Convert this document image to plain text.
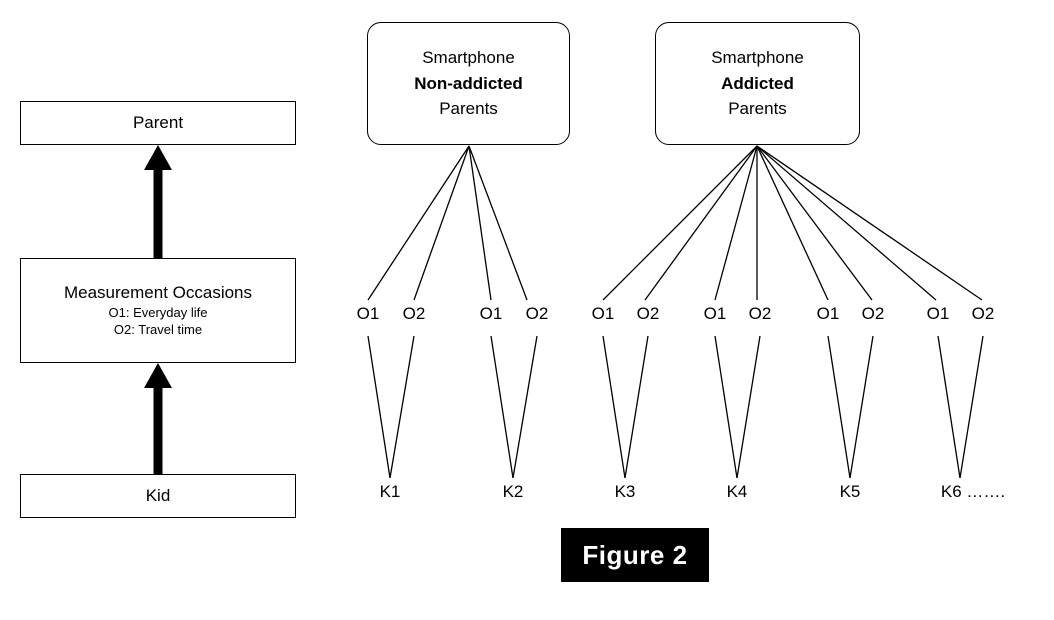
Parent
Measurement Occasions
O1: Everyday life
O2: Travel time
Kid
Smartphone
Non-addicted
Parents
Smartphone
Addicted
Parents
O1	O2	O1	O2	O1	O2	O1	O2	O1	O2	O1	O2
K1	K2	K3	K4	K5	K6 …….
Figure 2
